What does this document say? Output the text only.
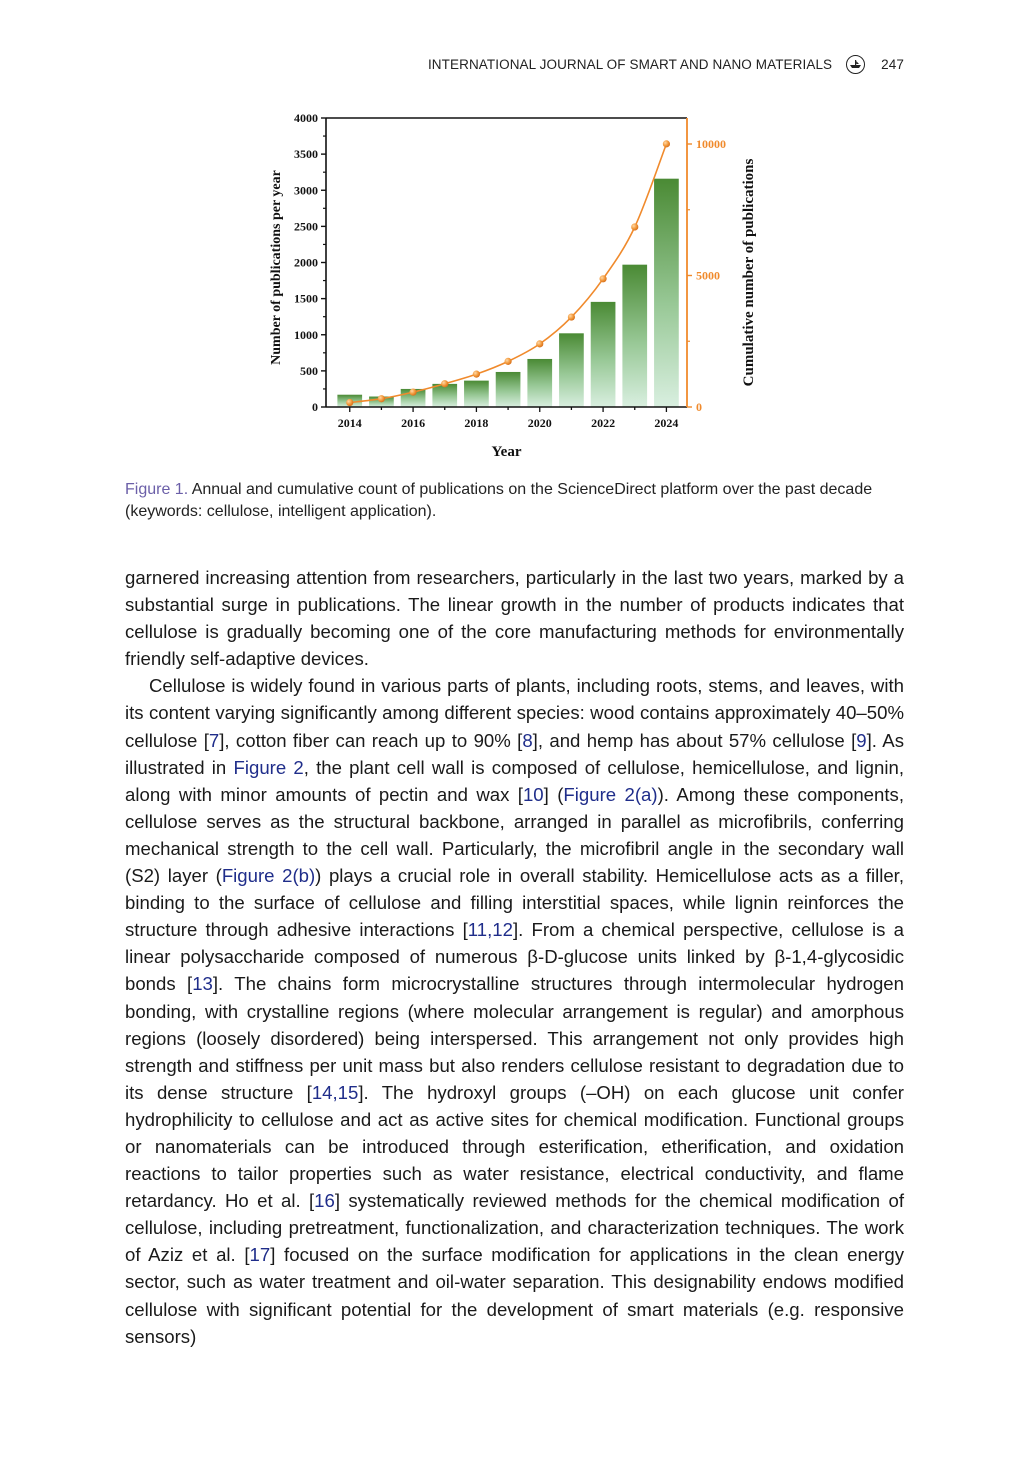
INTERNATIONAL JOURNAL OF SMART AND NANO MATERIALS	247
0
500
1000
1500
2000
2500
3000
3500
4000
0
5000
10000
2014	2016	2018	2020	2022	2024
Year
Number of publications per year	Cumulative number of publications
Figure 1. Annual and cumulative count of publications on the ScienceDirect platform over the past decade (keywords: cellulose, intelligent application).

garnered increasing attention from researchers, particularly in the last two years, marked by a substantial surge in publications. The linear growth in the number of products indicates that cellulose is gradually becoming one of the core manufacturing methods for environmentally friendly self-adaptive devices.

Cellulose is widely found in various parts of plants, including roots, stems, and leaves, with its content varying significantly among different species: wood contains approximately 40–50% cellulose [7], cotton fiber can reach up to 90% [8], and hemp has about 57% cellulose [9]. As illustrated in Figure 2, the plant cell wall is composed of cellulose, hemicellulose, and lignin, along with minor amounts of pectin and wax [10] (Figure 2(a)). Among these components, cellulose serves as the structural backbone, arranged in parallel as microfibrils, conferring mechanical strength to the cell wall. Particularly, the microfibril angle in the secondary wall (S2) layer (Figure 2(b)) plays a crucial role in overall stability. Hemicellulose acts as a filler, binding to the surface of cellulose and filling interstitial spaces, while lignin reinforces the structure through adhesive interactions [11,12]. From a chemical perspective, cellulose is a linear polysaccharide composed of numerous β-D-glucose units linked by β-1,4-glycosidic bonds [13]. The chains form microcrystalline structures through intermolecular hydrogen bonding, with crystalline regions (where molecular arrangement is regular) and amorphous regions (loosely disordered) being interspersed. This arrangement not only provides high strength and stiffness per unit mass but also renders cellulose resistant to degradation due to its dense structure [14,15]. The hydroxyl groups (–OH) on each glucose unit confer hydrophilicity to cellulose and act as active sites for chemical modification. Functional groups or nanomaterials can be introduced through esterification, etherification, and oxidation reactions to tailor properties such as water resistance, electrical conductivity, and flame retardancy. Ho et al. [16] systematically reviewed methods for the chemical modification of cellulose, including pretreatment, functionalization, and characterization techniques. The work of Aziz et al. [17] focused on the surface modification for applications in the clean energy sector, such as water treatment and oil-water separation. This designability endows modified cellulose with significant potential for the development of smart materials (e.g. responsive sensors)
